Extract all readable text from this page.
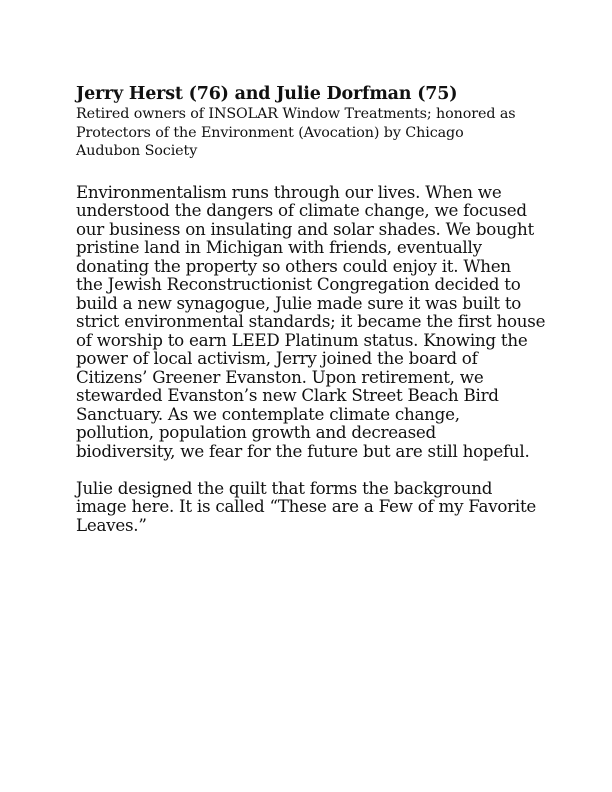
Jerry Herst (76) and Julie Dorfman (75)
Retired owners of INSOLAR Window Treatments; honored as
Protectors of the Environment (Avocation) by Chicago
Audubon Society
Environmentalism runs through our lives. When we
understood the dangers of climate change, we focused
our business on insulating and solar shades. We bought
pristine land in Michigan with friends, eventually
donating the property so others could enjoy it. When
the Jewish Reconstructionist Congregation decided to
build a new synagogue, Julie made sure it was built to
strict environmental standards; it became the first house
of worship to earn LEED Platinum status. Knowing the
power of local activism, Jerry joined the board of
Citizens’ Greener Evanston. Upon retirement, we
stewarded Evanston’s new Clark Street Beach Bird
Sanctuary. As we contemplate climate change,
pollution, population growth and decreased
biodiversity, we fear for the future but are still hopeful.
Julie designed the quilt that forms the background
image here. It is called “These are a Few of my Favorite
Leaves.”
